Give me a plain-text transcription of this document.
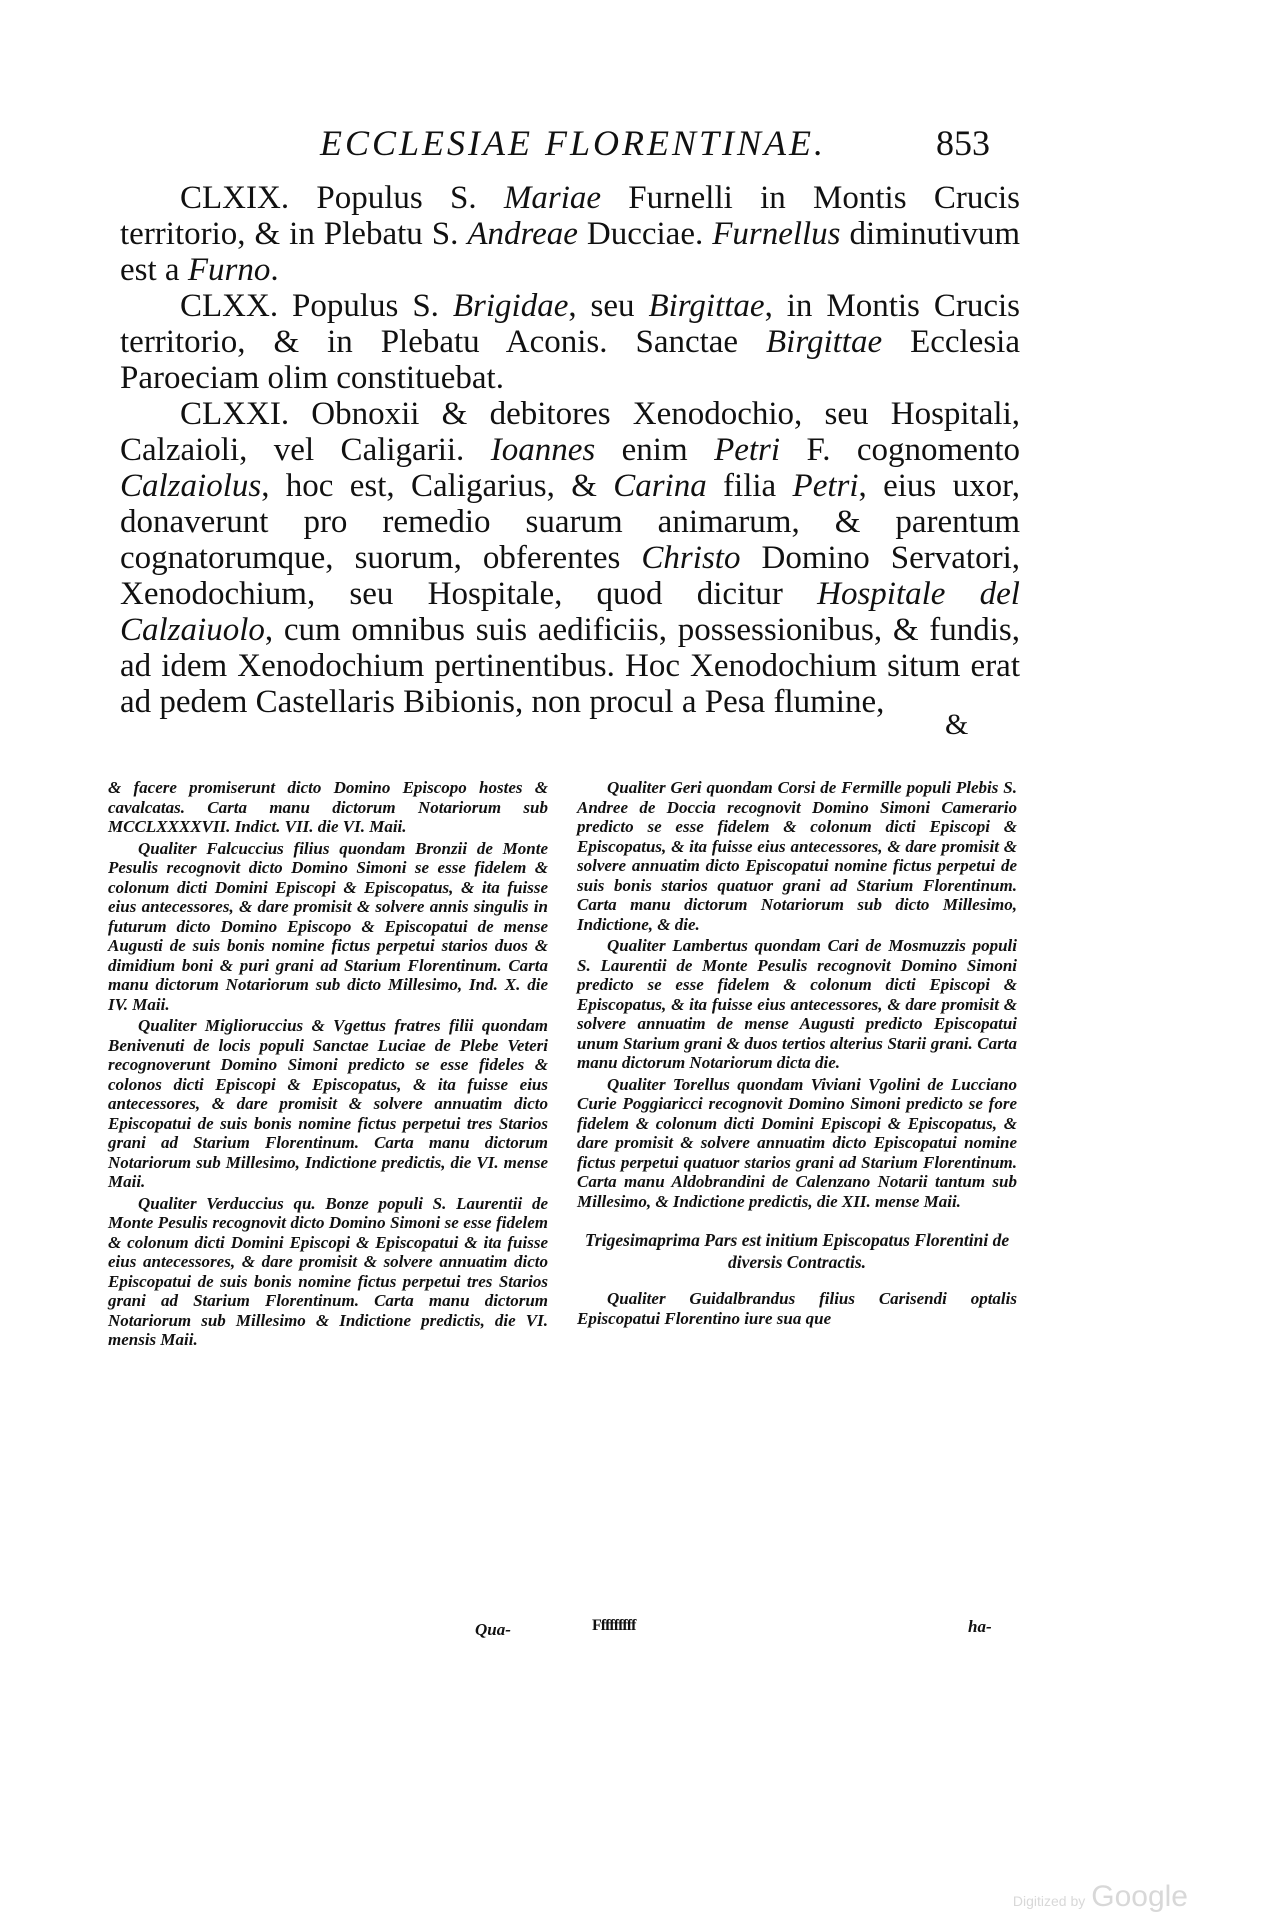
ECCLESIAE FLORENTINAE.	853

CLXIX. Populus S. Mariae Furnelli in Montis Crucis territorio, & in Plebatu S. Andreae Ducciae. Furnellus diminutivum est a Furno.

CLXX. Populus S. Brigidae, seu Birgittae, in Montis Crucis territorio, & in Plebatu Aconis. Sanctae Birgittae Ecclesia Paroeciam olim constituebat.

CLXXI. Obnoxii & debitores Xenodochio, seu Hospitali, Calzaioli, vel Caligarii. Ioannes enim Petri F. cognomento Calzaiolus, hoc est, Caligarius, & Carina filia Petri, eius uxor, donaverunt pro remedio suarum animarum, & parentum cognatorumque, suorum, obferentes Christo Domino Servatori, Xenodochium, seu Hospitale, quod dicitur Hospitale del Calzaiuolo, cum omnibus suis aedificiis, possessionibus, & fundis, ad idem Xenodochium pertinentibus. Hoc Xenodochium situm erat ad pedem Castellaris Bibionis, non procul a Pesa flumine,

&

& facere promiserunt dicto Domino Episcopo hostes & cavalcatas. Carta manu dictorum Notariorum sub MCCLXXXXVII. Indict. VII. die VI. Maii.

Qualiter Falcuccius filius quondam Bronzii de Monte Pesulis recognovit dicto Domino Simoni se esse fidelem & colonum dicti Domini Episcopi & Episcopatus, & ita fuisse eius antecessores, & dare promisit & solvere annis singulis in futurum dicto Domino Episcopo & Episcopatui de mense Augusti de suis bonis nomine fictus perpetui starios duos & dimidium boni & puri grani ad Starium Florentinum. Carta manu dictorum Notariorum sub dicto Millesimo, Ind. X. die IV. Maii.

Qualiter Miglioruccius & Vgettus fratres filii quondam Benivenuti de locis populi Sanctae Luciae de Plebe Veteri recognoverunt Domino Simoni predicto se esse fideles & colonos dicti Episcopi & Episcopatus, & ita fuisse eius antecessores, & dare promisit & solvere annuatim dicto Episcopatui de suis bonis nomine fictus perpetui tres Starios grani ad Starium Florentinum. Carta manu dictorum Notariorum sub Millesimo, Indictione predictis, die VI. mense Maii.

Qualiter Verduccius qu. Bonze populi S. Laurentii de Monte Pesulis recognovit dicto Domino Simoni se esse fidelem & colonum dicti Domini Episcopi & Episcopatui & ita fuisse eius antecessores, & dare promisit & solvere annuatim dicto Episcopatui de suis bonis nomine fictus perpetui tres Starios grani ad Starium Florentinum. Carta manu dictorum Notariorum sub Millesimo & Indictione predictis, die VI. mensis Maii.

Qua-

Qualiter Geri quondam Corsi de Fermille populi Plebis S. Andree de Doccia recognovit Domino Simoni Camerario predicto se esse fidelem & colonum dicti Episcopi & Episcopatus, & ita fuisse eius antecessores, & dare promisit & solvere annuatim dicto Episcopatui nomine fictus perpetui de suis bonis starios quatuor grani ad Starium Florentinum. Carta manu dictorum Notariorum sub dicto Millesimo, Indictione, & die.

Qualiter Lambertus quondam Cari de Mosmuzzis populi S. Laurentii de Monte Pesulis recognovit Domino Simoni predicto se esse fidelem & colonum dicti Episcopi & Episcopatus, & ita fuisse eius antecessores, & dare promisit & solvere annuatim de mense Augusti predicto Episcopatui unum Starium grani & duos tertios alterius Starii grani. Carta manu dictorum Notariorum dicta die.

Qualiter Torellus quondam Viviani Vgolini de Lucciano Curie Poggiaricci recognovit Domino Simoni predicto se fore fidelem & colonum dicti Domini Episcopi & Episcopatus, & dare promisit & solvere annuatim dicto Episcopatui nomine fictus perpetui quatuor starios grani ad Starium Florentinum. Carta manu Aldobrandini de Calenzano Notarii tantum sub Millesimo, & Indictione predictis, die XII. mense Maii.

Trigesimaprima Pars est initium Episcopatus Florentini de diversis Contractis.

Qualiter Guidalbrandus filius Carisendi optalis Episcopatui Florentino iure sua que

Fffffffff	ha-
Digitized by Google
